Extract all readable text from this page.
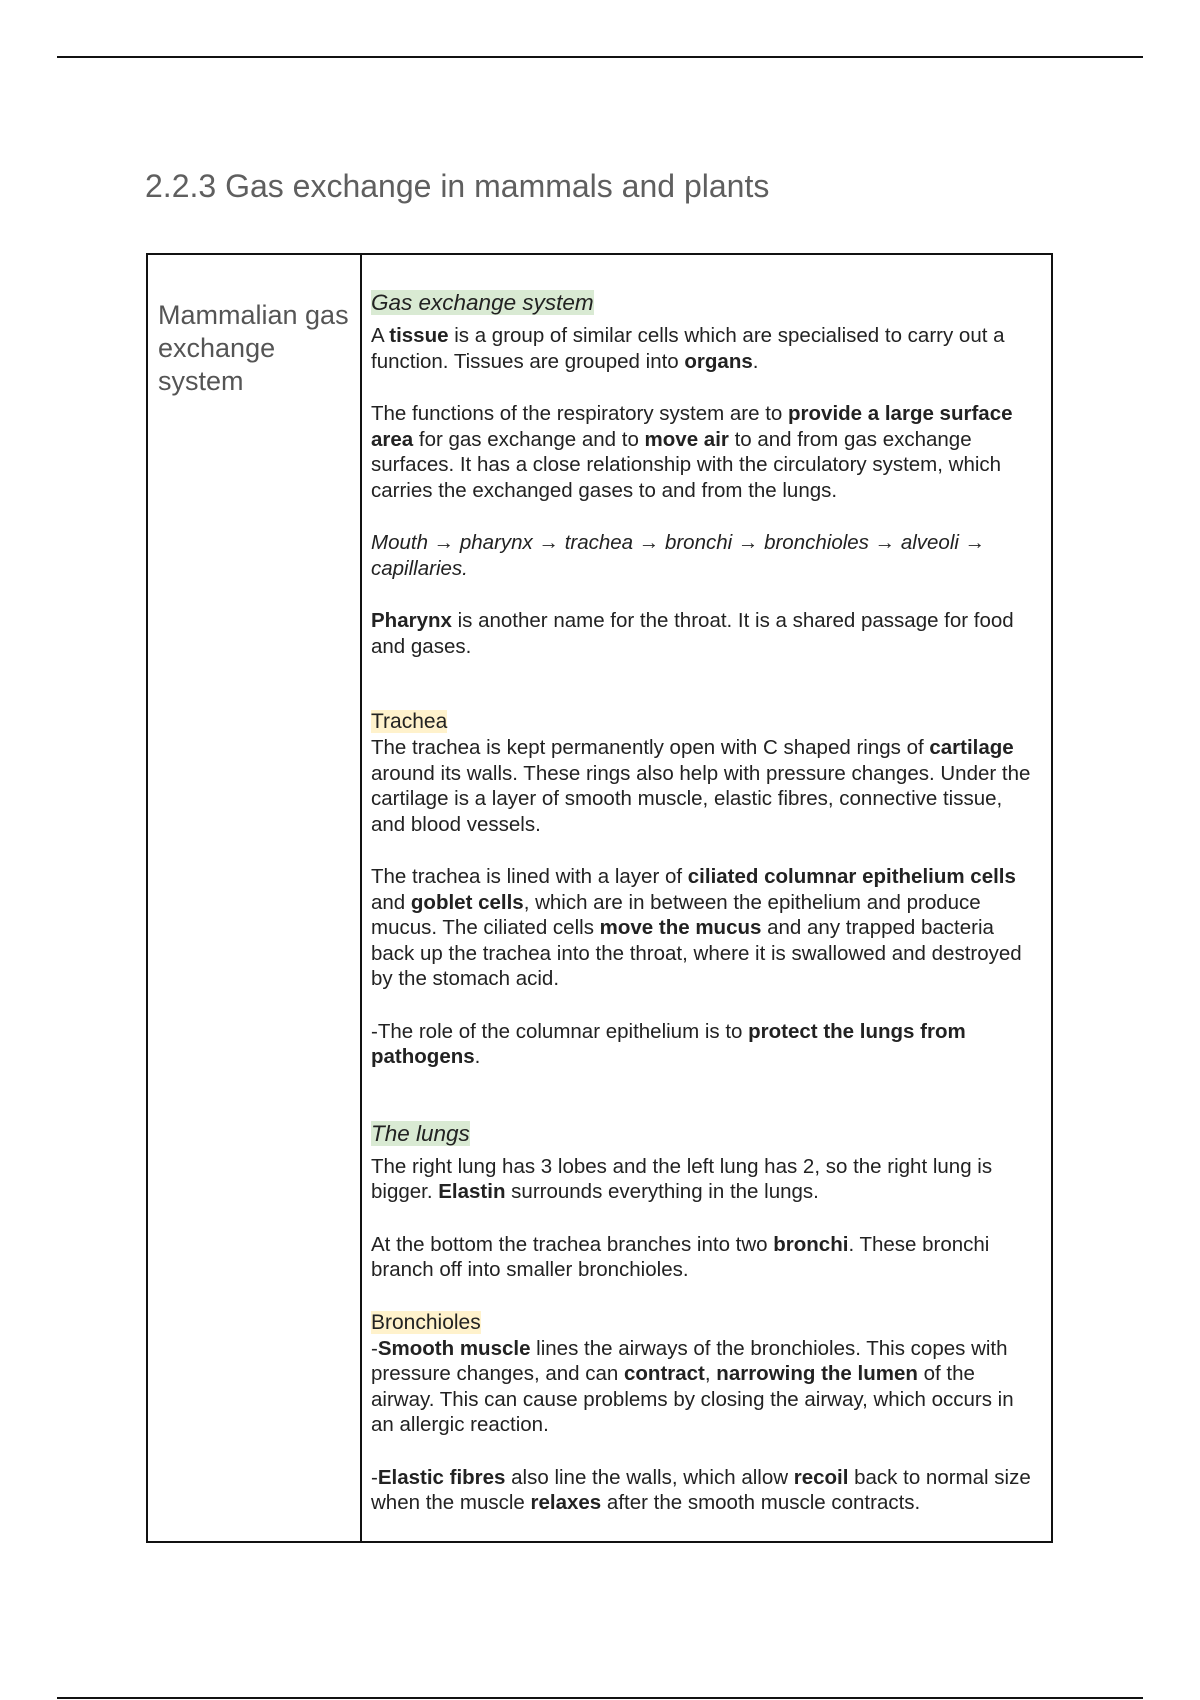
2.2.3 Gas exchange in mammals and plants
Mammalian gas exchange system

Gas exchange system

A tissue is a group of similar cells which are specialised to carry out a function. Tissues are grouped into organs.

The functions of the respiratory system are to provide a large surface area for gas exchange and to move air to and from gas exchange surfaces. It has a close relationship with the circulatory system, which carries the exchanged gases to and from the lungs.

Mouth → pharynx → trachea → bronchi → bronchioles → alveoli → capillaries.

Pharynx is another name for the throat. It is a shared passage for food and gases.

Trachea

The trachea is kept permanently open with C shaped rings of cartilage around its walls. These rings also help with pressure changes. Under the cartilage is a layer of smooth muscle, elastic fibres, connective tissue, and blood vessels.

The trachea is lined with a layer of ciliated columnar epithelium cells and goblet cells, which are in between the epithelium and produce mucus. The ciliated cells move the mucus and any trapped bacteria back up the trachea into the throat, where it is swallowed and destroyed by the stomach acid.

-The role of the columnar epithelium is to protect the lungs from pathogens.

The lungs

The right lung has 3 lobes and the left lung has 2, so the right lung is bigger. Elastin surrounds everything in the lungs.

At the bottom the trachea branches into two bronchi. These bronchi branch off into smaller bronchioles.

Bronchioles

-Smooth muscle lines the airways of the bronchioles. This copes with pressure changes, and can contract, narrowing the lumen of the airway. This can cause problems by closing the airway, which occurs in an allergic reaction.

-Elastic fibres also line the walls, which allow recoil back to normal size when the muscle relaxes after the smooth muscle contracts.
